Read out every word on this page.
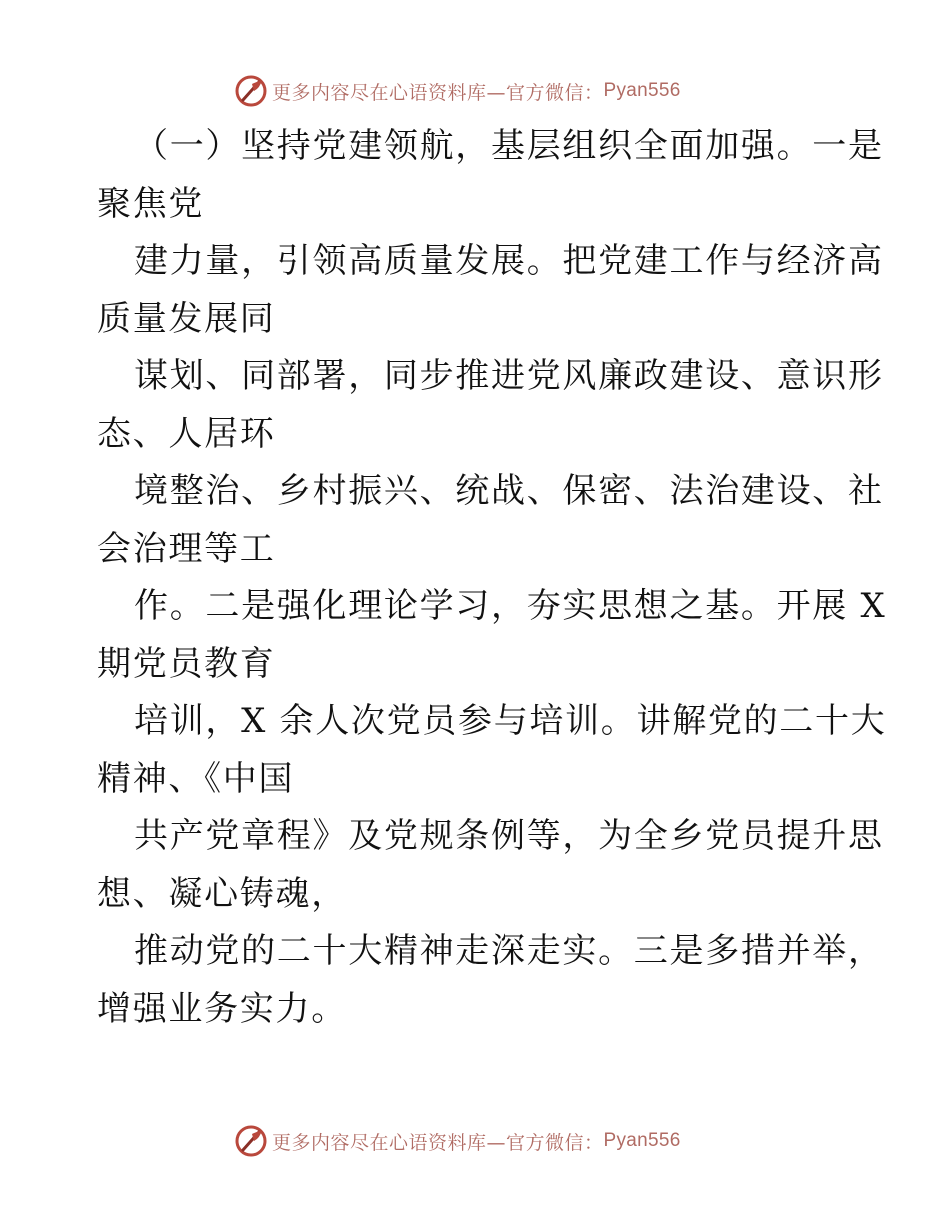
更多内容尽在心语资料库—官方微信： Pyan556
（一）坚持党建领航，基层组织全面加强。一是
聚焦党
建力量，引领高质量发展。把党建工作与经济高
质量发展同
谋划、同部署，同步推进党风廉政建设、意识形
态、人居环
境整治、乡村振兴、统战、保密、法治建设、社
会治理等工
作。二是强化理论学习，夯实思想之基。开展 X
期党员教育
培训，X 余人次党员参与培训。讲解党的二十大
精神、《中国
共产党章程》及党规条例等，为全乡党员提升思
想、凝心铸魂，
推动党的二十大精神走深走实。三是多措并举，
增强业务实力。
更多内容尽在心语资料库—官方微信： Pyan556
